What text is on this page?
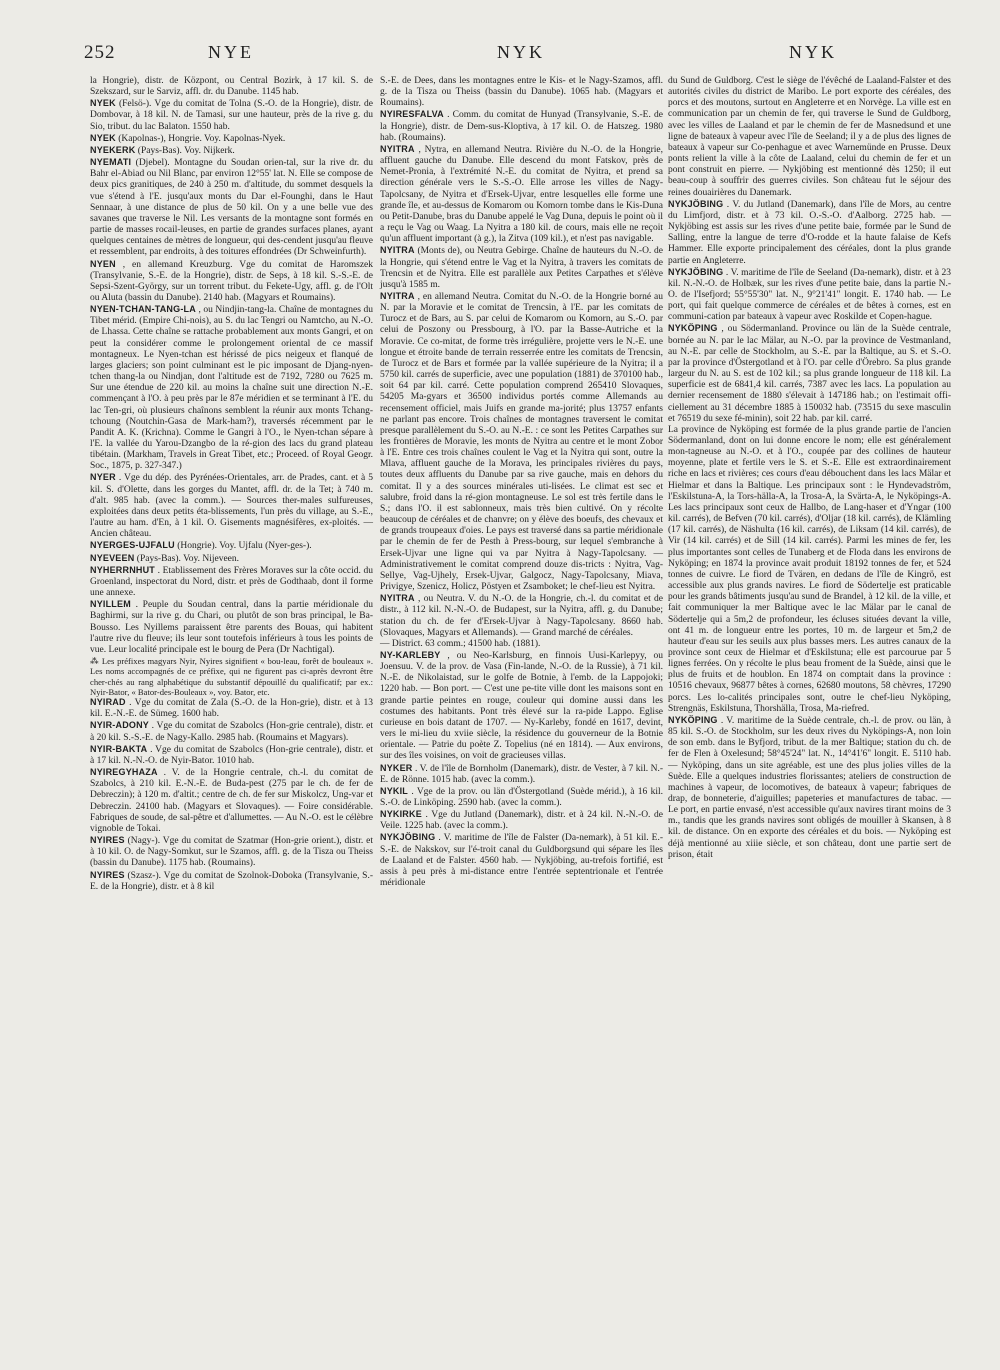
252	NYE	NYK	NYK

la Hongrie), distr. de Központ, ou Central Bozirk, à 17 kil. S. de Szekszard, sur le Sarviz, affl. dr. du Danube. 1145 hab.

NYEK (Felsö-). Vge du comitat de Tolna (S.-O. de la Hongrie), distr. de Dombovar, à 18 kil. N. de Tamasi, sur une hauteur, près de la rive g. du Sio, tribut. du lac Balaton. 1550 hab.

NYEK (Kapolnas-), Hongrie. Voy. Kapolnas-Nyek.

NYEKERK (Pays-Bas). Voy. Nijkerk.

NYEMATI (Djebel). Montagne du Soudan orien-tal, sur la rive dr. du Bahr el-Abiad ou Nil Blanc, par environ 12°55' lat. N. Elle se compose de deux pics granitiques, de 240 à 250 m. d'altitude, du sommet desquels la vue s'étend à l'E. jusqu'aux monts du Dar el-Founghi, dans le Haut Sennaar, à une distance de plus de 50 kil. On y a une belle vue des savanes que traverse le Nil. Les versants de la montagne sont formés en partie de masses rocail-leuses, en partie de grandes surfaces planes, ayant quelques centaines de mètres de longueur, qui des-cendent jusqu'au fleuve et ressemblent, par endroits, à des toitures effondrées (Dr Schweinfurth).

NYEN , en allemand Kreuzburg. Vge du comitat de Haromszek (Transylvanie, S.-E. de la Hongrie), distr. de Seps, à 18 kil. S.-S.-E. de Sepsi-Szent-György, sur un torrent tribut. du Fekete-Ugy, affl. g. de l'Olt ou Aluta (bassin du Danube). 2140 hab. (Magyars et Roumains).

NYEN-TCHAN-TANG-LA , ou Nindjin-tang-la. Chaîne de montagnes du Tibet mérid. (Empire Chi-nois), au S. du lac Tengri ou Namtcho, au N.-O. de Lhassa. Cette chaîne se rattache probablement aux monts Gangri, et on peut la considérer comme le prolongement oriental de ce massif montagneux. Le Nyen-tchan est hérissé de pics neigeux et flanqué de larges glaciers; son point culminant est le pic imposant de Djang-nyen-tchen thang-la ou Nindjan, dont l'altitude est de 7192, 7280 ou 7625 m. Sur une étendue de 220 kil. au moins la chaîne suit une direction N.-E. commençant à l'O. à peu près par le 87e méridien et se terminant à l'E. du lac Ten-gri, où plusieurs chaînons semblent la réunir aux monts Tchang-tchoung (Noutchin-Gasa de Mark-ham?), traversés récemment par le Pandit A. K. (Krichna). Comme le Gangri à l'O., le Nyen-tchan sépare à l'E. la vallée du Yarou-Dzangbo de la ré-gion des lacs du grand plateau tibétain. (Markham, Travels in Great Tibet, etc.; Proceed. of Royal Geogr. Soc., 1875, p. 327-347.)

NYER . Vge du dép. des Pyrénées-Orientales, arr. de Prades, cant. et à 5 kil. S. d'Olette, dans les gorges du Mantet, affl. dr. de la Tet; à 740 m. d'alt. 985 hab. (avec la comm.). — Sources ther-males sulfureuses, exploitées dans deux petits éta-blissements, l'un près du village, au S.-E., l'autre au ham. d'En, à 1 kil. O. Gisements magnésifères, ex-ploités. — Ancien château.

NYERGES-UJFALU (Hongrie). Voy. Ujfalu (Nyer-ges-).

NYEVEEN (Pays-Bas). Voy. Nijeveen.

NYHERRNHUT . Etablissement des Frères Moraves sur la côte occid. du Groenland, inspectorat du Nord, distr. et près de Godthaab, dont il forme une annexe.

NYILLEM . Peuple du Soudan central, dans la partie méridionale du Baghirmi, sur la rive g. du Chari, ou plutôt de son bras principal, le Ba-Bousso. Les Nyillems paraissent être parents des Bouas, qui habitent l'autre rive du fleuve; ils leur sont toutefois inférieurs à tous les points de vue. Leur localité principale est le bourg de Pera (Dr Nachtigal).

⁂ Les préfixes magyars Nyir, Nyires signifient « bou-leau, forêt de bouleaux ». Les noms accompagnés de ce préfixe, qui ne figurent pas ci-après devront être cher-chés au rang alphabétique du substantif dépouillé du qualificatif; par ex.: Nyir-Bator, « Bator-des-Bouleaux », voy. Bator, etc.

NYIRAD . Vge du comitat de Zala (S.-O. de la Hon-grie), distr. et à 13 kil. E.-N.-E. de Sümeg. 1600 hab.

NYIR-ADONY . Vge du comitat de Szabolcs (Hon-grie centrale), distr. et à 20 kil. S.-S.-E. de Nagy-Kallo. 2985 hab. (Roumains et Magyars).

NYIR-BAKTA . Vge du comitat de Szabolcs (Hon-grie centrale), distr. et à 17 kil. N.-N.-O. de Nyir-Bator. 1010 hab.

NYIREGYHAZA . V. de la Hongrie centrale, ch.-l. du comitat de Szabolcs, à 210 kil. E.-N.-E. de Buda-pest (275 par le ch. de fer de Debreczin); à 120 m. d'altit.; centre de ch. de fer sur Miskolcz, Ung-var et Debreczin. 24100 hab. (Magyars et Slovaques). — Foire considérable. Fabriques de soude, de sal-pêtre et d'allumettes. — Au N.-O. est le célèbre vignoble de Tokai.

NYIRES (Nagy-). Vge du comitat de Szatmar (Hon-grie orient.), distr. et à 10 kil. O. de Nagy-Somkut, sur le Szamos, affl. g. de la Tisza ou Theiss (bassin du Danube). 1175 hab. (Roumains).

NYIRES (Szasz-). Vge du comitat de Szolnok-Doboka (Transylvanie, S.-E. de la Hongrie), distr. et à 8 kil

S.-E. de Dees, dans les montagnes entre le Kis- et le Nagy-Szamos, affl. g. de la Tisza ou Theiss (bassin du Danube). 1065 hab. (Magyars et Roumains).

NYIRESFALVA . Comm. du comitat de Hunyad (Transylvanie, S.-E. de la Hongrie), distr. de Dem-sus-Kloptiva, à 17 kil. O. de Hatszeg. 1980 hab. (Roumains).

NYITRA , Nytra, en allemand Neutra. Rivière du N.-O. de la Hongrie, affluent gauche du Danube. Elle descend du mont Fatskov, près de Nemet-Pronia, à l'extrémité N.-E. du comitat de Nyitra, et prend sa direction générale vers le S.-S.-O. Elle arrose les villes de Nagy-Tapolcsany, de Nyitra et d'Ersek-Ujvar, entre lesquelles elle forme une grande île, et au-dessus de Komarom ou Komorn tombe dans le Kis-Duna ou Petit-Danube, bras du Danube appelé le Vag Duna, depuis le point où il a reçu le Vag ou Waag. La Nyitra a 180 kil. de cours, mais elle ne reçoit qu'un affluent important (à g.), la Zitva (109 kil.), et n'est pas navigable.

NYITRA (Monts de), ou Neutra Gebirge. Chaîne de hauteurs du N.-O. de la Hongrie, qui s'étend entre le Vag et la Nyitra, à travers les comitats de Trencsin et de Nyitra. Elle est parallèle aux Petites Carpathes et s'élève jusqu'à 1585 m.

NYITRA , en allemand Neutra. Comitat du N.-O. de la Hongrie borné au N. par la Moravie et le comitat de Trencsin, à l'E. par les comitats de Turocz et de Bars, au S. par celui de Komarom ou Komorn, au S.-O. par celui de Poszony ou Pressbourg, à l'O. par la Basse-Autriche et la Moravie. Ce co-mitat, de forme très irrégulière, projette vers le N.-E. une longue et étroite bande de terrain resserrée entre les comitats de Trencsin, de Turocz et de Bars et formée par la vallée supérieure de la Nyitra; il a 5750 kil. carrés de superficie, avec une population (1881) de 370100 hab., soit 64 par kil. carré. Cette population comprend 265410 Slovaques, 54205 Ma-gyars et 36500 individus portés comme Allemands au recensement officiel, mais Juifs en grande ma-jorité; plus 13757 enfants ne parlant pas encore. Trois chaînes de montagnes traversent le comitat presque parallèlement du S.-O. au N.-E. : ce sont les Petites Carpathes sur les frontières de Moravie, les monts de Nyitra au centre et le mont Zobor à l'E. Entre ces trois chaînes coulent le Vag et la Nyitra qui sont, outre la Mlava, affluent gauche de la Morava, les principales rivières du pays, toutes deux affluents du Danube par sa rive gauche, mais en dehors du comitat. Il y a des sources minérales uti-lisées. Le climat est sec et salubre, froid dans la ré-gion montagneuse. Le sol est très fertile dans le S.; dans l'O. il est sablonneux, mais très bien cultivé. On y récolte beaucoup de céréales et de chanvre; on y élève des boeufs, des chevaux et de grands troupeaux d'oies. Le pays est traversé dans sa partie méridionale par le chemin de fer de Pesth à Press-bourg, sur lequel s'embranche à Ersek-Ujvar une ligne qui va par Nyitra à Nagy-Tapolcsany. — Administrativement le comitat comprend douze dis-tricts : Nyitra, Vag-Sellye, Vag-Ujhely, Ersek-Ujvar, Galgocz, Nagy-Tapolcsany, Miava, Privigye, Szenicz, Holicz, Pöstyen et Zsamboket; le chef-lieu est Nyitra.

NYITRA , ou Neutra. V. du N.-O. de la Hongrie, ch.-l. du comitat et de distr., à 112 kil. N.-N.-O. de Budapest, sur la Nyitra, affl. g. du Danube; station du ch. de fer d'Ersek-Ujvar à Nagy-Tapolcsany. 8660 hab. (Slovaques, Magyars et Allemands). — Grand marché de céréales.

— District. 63 comm.; 41500 hab. (1881).

NY-KARLEBY , ou Neo-Karlsburg, en finnois Uusi-Karlepyy, ou Joensuu. V. de la prov. de Vasa (Fin-lande, N.-O. de la Russie), à 71 kil. N.-E. de Nikolaistad, sur le golfe de Botnie, à l'emb. de la Lappojoki; 1220 hab. — Bon port. — C'est une pe-tite ville dont les maisons sont en grande partie peintes en rouge, couleur qui domine aussi dans les costumes des habitants. Pont très élevé sur la ra-pide Lappo. Eglise curieuse en bois datant de 1707. — Ny-Karleby, fondé en 1617, devint, vers le mi-lieu du xviie siècle, la résidence du gouverneur de la Botnie orientale. — Patrie du poète Z. Topelius (né en 1814). — Aux environs, sur des îles voisines, on voit de gracieuses villas.

NYKER . V. de l'île de Bornholm (Danemark), distr. de Vester, à 7 kil. N.-E. de Rönne. 1015 hab. (avec la comm.).

NYKIL . Vge de la prov. ou län d'Östergotland (Suède mérid.), à 16 kil. S.-O. de Linköping. 2590 hab. (avec la comm.).

NYKIRKE . Vge du Jutland (Danemark), distr. et à 24 kil. N.-N.-O. de Veile. 1225 hab. (avec la comm.).

NYKJÖBING . V. maritime de l'île de Falster (Da-nemark), à 51 kil. E.-S.-E. de Nakskov, sur l'é-troit canal du Guldborgsund qui sépare les îles de Laaland et de Falster. 4560 hab. — Nykjöbing, au-trefois fortifié, est assis à peu près à mi-distance entre l'entrée septentrionale et l'entrée méridionale

du Sund de Guldborg. C'est le siège de l'évêché de Laaland-Falster et des autorités civiles du district de Maribo. Le port exporte des céréales, des porcs et des moutons, surtout en Angleterre et en Norvège. La ville est en communication par un chemin de fer, qui traverse le Sund de Guldborg, avec les villes de Laaland et par le chemin de fer de Masnedsund et une ligne de bateaux à vapeur avec l'île de Seeland; il y a de plus des lignes de bateaux à vapeur sur Co-penhague et avec Warnemünde en Prusse. Deux ponts relient la ville à la côte de Laaland, celui du chemin de fer et un pont construit en pierre. — Nykjöbing est mentionné dès 1250; il eut beau-coup à souffrir des guerres civiles. Son château fut le séjour des reines douairières du Danemark.

NYKJÖBING . V. du Jutland (Danemark), dans l'île de Mors, au centre du Limfjord, distr. et à 73 kil. O.-S.-O. d'Aalborg. 2725 hab. — Nykjöbing est assis sur les rives d'une petite baie, formée par le Sund de Salling, entre la langue de terre d'O-rodde et la haute falaise de Kefs Hammer. Elle exporte principalement des céréales, dont la plus grande partie en Angleterre.

NYKJÖBING . V. maritime de l'île de Seeland (Da-nemark), distr. et à 23 kil. N.-N.-O. de Holbæk, sur les rives d'une petite baie, dans la partie N.-O. de l'Isefjord; 55°55'30" lat. N., 9°21'41" longit. E. 1740 hab. — Le port, qui fait quelque commerce de céréales et de bêtes à cornes, est en communi-cation par bateaux à vapeur avec Roskilde et Copen-hague.

NYKÖPING , ou Södermanland. Province ou län de la Suède centrale, bornée au N. par le lac Mälar, au N.-O. par la province de Vestmanland, au N.-E. par celle de Stockholm, au S.-E. par la Baltique, au S. et S.-O. par la province d'Östergotland et à l'O. par celle d'Örebro. Sa plus grande largeur du N. au S. est de 102 kil.; sa plus grande longueur de 118 kil. La superficie est de 6841,4 kil. carrés, 7387 avec les lacs. La population au dernier recensement de 1880 s'élevait à 147186 hab.; on l'estimait offi-ciellement au 31 décembre 1885 à 150032 hab. (73515 du sexe masculin et 76519 du sexe fé-minin), soit 22 hab. par kil. carré.

La province de Nyköping est formée de la plus grande partie de l'ancien Södermanland, dont on lui donne encore le nom; elle est généralement mon-tagneuse au N.-O. et à l'O., coupée par des collines de hauteur moyenne, plate et fertile vers le S. et S.-E. Elle est extraordinairement riche en lacs et rivières; ces cours d'eau débouchent dans les lacs Mälar et Hielmar et dans la Baltique. Les principaux sont : le Hyndevadström, l'Eskilstuna-A, la Tors-hälla-A, la Trosa-A, la Svärta-A, le Nyköpings-A. Les lacs principaux sont ceux de Hallbo, de Lang-haser et d'Yngar (100 kil. carrés), de Befven (70 kil. carrés), d'Oljar (18 kil. carrés), de Klämling (17 kil. carrés), de Näshulta (16 kil. carrés), de Liksam (14 kil. carrés), de Vir (14 kil. carrés) et de Sill (14 kil. carrés). Parmi les mines de fer, les plus importantes sont celles de Tunaberg et de Floda dans les environs de Nyköping; en 1874 la province avait produit 18192 tonnes de fer, et 524 tonnes de cuivre. Le fiord de Tvären, en dedans de l'île de Kingrö, est accessible aux plus grands navires. Le fiord de Södertelje est praticable pour les grands bâtiments jusqu'au sund de Brandel, à 12 kil. de la ville, et fait communiquer la mer Baltique avec le lac Mälar par le canal de Södertelje qui a 5m,2 de profondeur, les écluses situées devant la ville, ont 41 m. de longueur entre les portes, 10 m. de largeur et 5m,2 de hauteur d'eau sur les seuils aux plus basses mers. Les autres canaux de la province sont ceux de Hielmar et d'Eskilstuna; elle est parcourue par 5 lignes ferrées. On y récolte le plus beau froment de la Suède, ainsi que le plus de fruits et de houblon. En 1874 on comptait dans la province : 10516 chevaux, 96877 bêtes à cornes, 62680 moutons, 58 chèvres, 17290 porcs. Les lo-calités principales sont, outre le chef-lieu Nyköping, Strengnäs, Eskilstuna, Thorshälla, Trosa, Ma-riefred.

NYKÖPING . V. maritime de la Suède centrale, ch.-l. de prov. ou län, à 85 kil. S.-O. de Stockholm, sur les deux rives du Nyköpings-A, non loin de son emb. dans le Byfjord, tribut. de la mer Baltique; station du ch. de fer de Flen à Oxelesund; 58°45'24" lat. N., 14°41'6" longit. E. 5110 hab. — Nyköping, dans un site agréable, est une des plus jolies villes de la Suède. Elle a quelques industries florissantes; ateliers de construction de machines à vapeur, de locomotives, de bateaux à vapeur; fabriques de drap, de bonneterie, d'aiguilles; papeteries et manufactures de tabac. — Le port, en partie envasé, n'est accessible qu'aux navires tirant moins de 3 m., tandis que les grands navires sont obligés de mouiller à Skansen, à 8 kil. de distance. On en exporte des céréales et du bois. — Nyköping est déjà mentionné au xiiie siècle, et son château, dont une partie sert de prison, était
